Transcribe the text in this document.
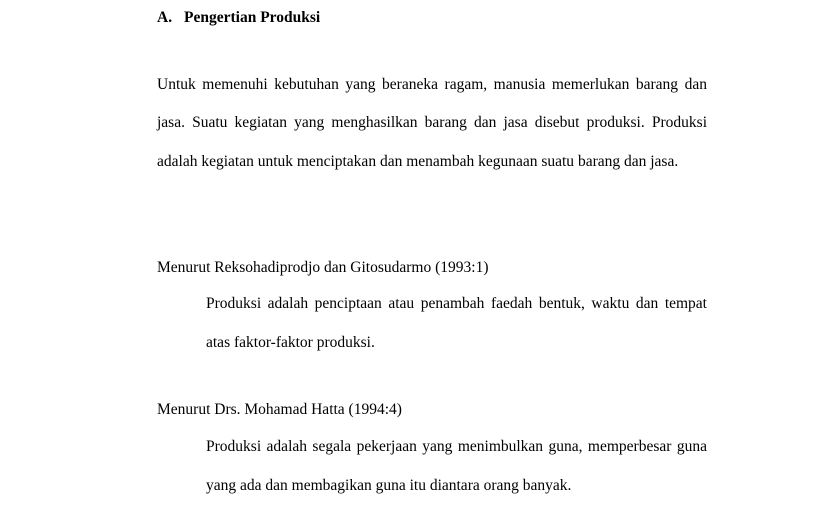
A. Pengertian Produksi

Untuk memenuhi kebutuhan yang beraneka ragam, manusia memerlukan barang dan jasa. Suatu kegiatan yang menghasilkan barang dan jasa disebut produksi. Produksi adalah kegiatan untuk menciptakan dan menambah kegunaan suatu barang dan jasa.

Menurut Reksohadiprodjo dan Gitosudarmo (1993:1)

Produksi adalah penciptaan atau penambah faedah bentuk, waktu dan tempat atas faktor-faktor produksi.

Menurut Drs. Mohamad Hatta (1994:4)

Produksi adalah segala pekerjaan yang menimbulkan guna, memperbesar guna yang ada dan membagikan guna itu diantara orang banyak.
